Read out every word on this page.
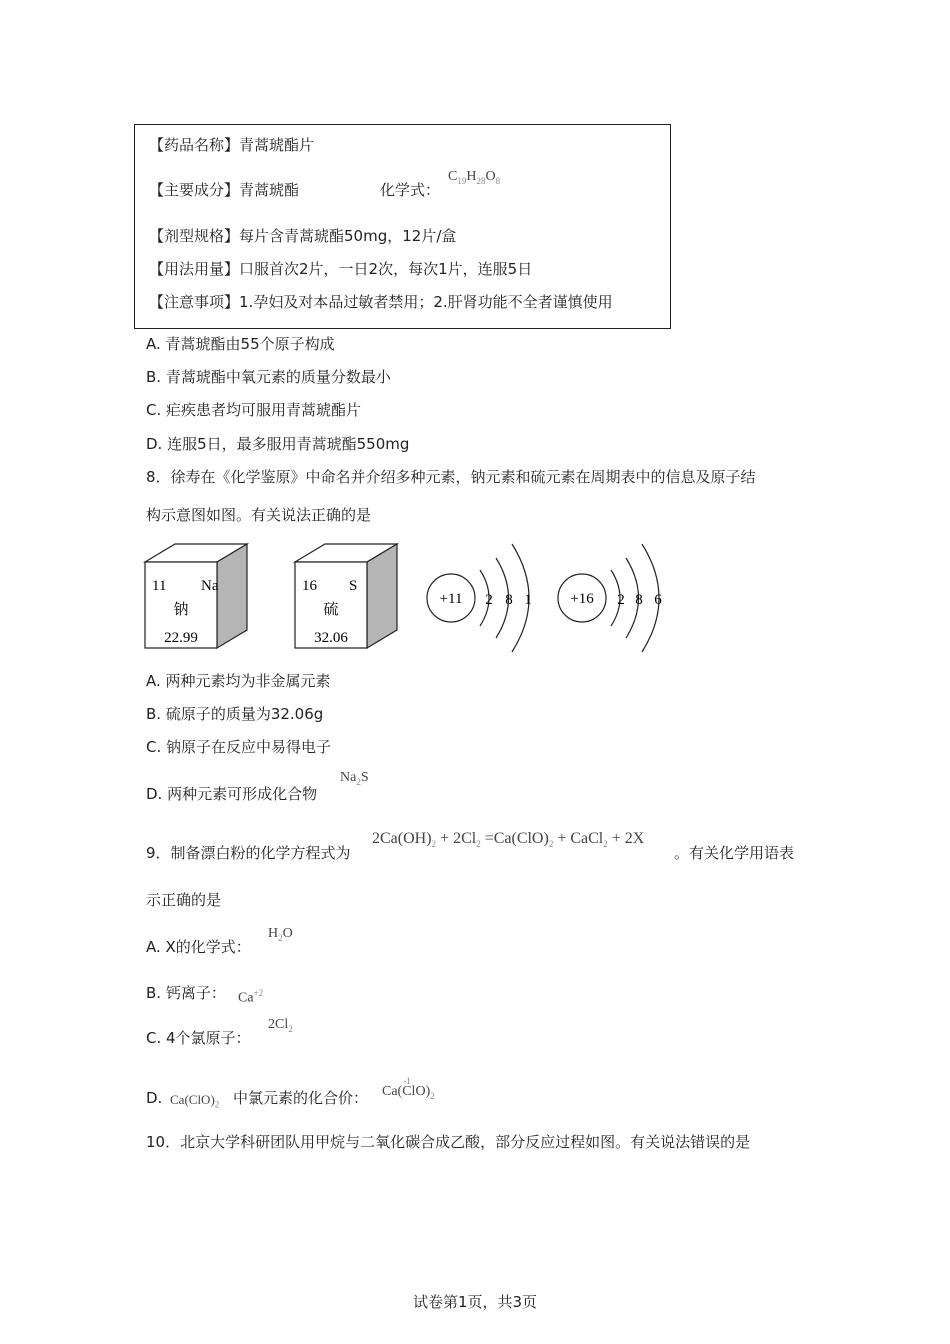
【药品名称】青蒿琥酯片
【主要成分】青蒿琥酯	化学式：
$C_{19}H_{28}O_8$
【剂型规格】每片含青蒿琥酯50mg，12片/盒
【用法用量】口服首次2片，一日2次，每次1片，连服5日
【注意事项】1.孕妇及对本品过敏者禁用；2.肝肾功能不全者谨慎使用
A. 青蒿琥酯由55个原子构成
B. 青蒿琥酯中氧元素的质量分数最小
C. 疟疾患者均可服用青蒿琥酯片
D. 连服5日，最多服用青蒿琥酯550mg
8．徐寿在《化学鉴原》中命名并介绍多种元素，钠元素和硫元素在周期表中的信息及原子结
构示意图如图。有关说法正确的是
11 Na
钠
22.99
16 S
硫
32.06
+11 2 8 1	+16 2 8 6
A. 两种元素均为非金属元素
B. 硫原子的质量为32.06g
C. 钠原子在反应中易得电子
D. 两种元素可形成化合物
$Na_2S$
9．制备漂白粉的化学方程式为
$2Ca(OH)_2 + 2Cl_2 =Ca(ClO)_2$ + CaCl$_2$ + 2X
。有关化学用语表
示正确的是
A. X的化学式：
$H_2O$
B. 钙离子： $Ca^{+2}$
C. 4个氯原子：
$2Cl_2$
D. $Ca(ClO)_2$ 中氯元素的化合价： Ca(
-1
$ClO)_2$
10．北京大学科研团队用甲烷与二氧化碳合成乙酸，部分反应过程如图。有关说法错误的是
试卷第1页，共3页
